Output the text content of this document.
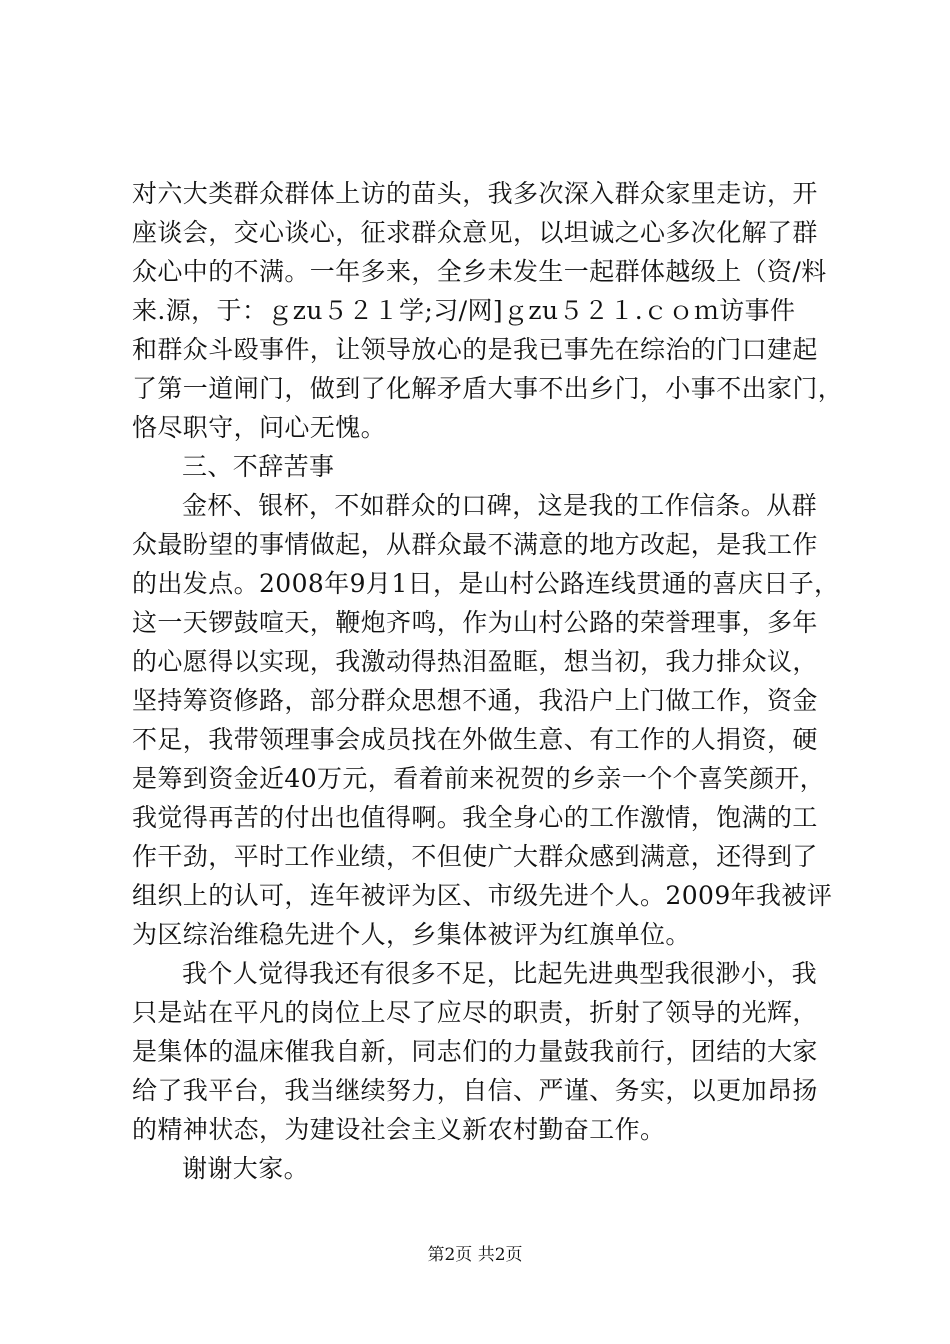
对六大类群众群体上访的苗头，我多次深入群众家里走访，开
座谈会，交心谈心，征求群众意见，以坦诚之心多次化解了群
众心中的不满。一年多来，全乡未发生一起群体越级上（资/料
来.源，于：ｇzu５２１学;习/网]ｇzu５２１.ｃｏｍ访事件
和群众斗殴事件，让领导放心的是我已事先在综治的门口建起
了第一道闸门，做到了化解矛盾大事不出乡门，小事不出家门，
恪尽职守，问心无愧。
三、不辞苦事
金杯、银杯，不如群众的口碑，这是我的工作信条。从群
众最盼望的事情做起，从群众最不满意的地方改起，是我工作
的出发点。2008年9月1日，是山村公路连线贯通的喜庆日子，
这一天锣鼓喧天，鞭炮齐鸣，作为山村公路的荣誉理事，多年
的心愿得以实现，我激动得热泪盈眶，想当初，我力排众议，
坚持筹资修路，部分群众思想不通，我沿户上门做工作，资金
不足，我带领理事会成员找在外做生意、有工作的人捐资，硬
是筹到资金近40万元，看着前来祝贺的乡亲一个个喜笑颜开，
我觉得再苦的付出也值得啊。我全身心的工作激情，饱满的工
作干劲，平时工作业绩，不但使广大群众感到满意，还得到了
组织上的认可，连年被评为区、市级先进个人。2009年我被评
为区综治维稳先进个人，乡集体被评为红旗单位。
我个人觉得我还有很多不足，比起先进典型我很渺小，我
只是站在平凡的岗位上尽了应尽的职责，折射了领导的光辉，
是集体的温床催我自新，同志们的力量鼓我前行，团结的大家
给了我平台，我当继续努力，自信、严谨、务实，以更加昂扬
的精神状态，为建设社会主义新农村勤奋工作。
谢谢大家。
第2页 共2页
